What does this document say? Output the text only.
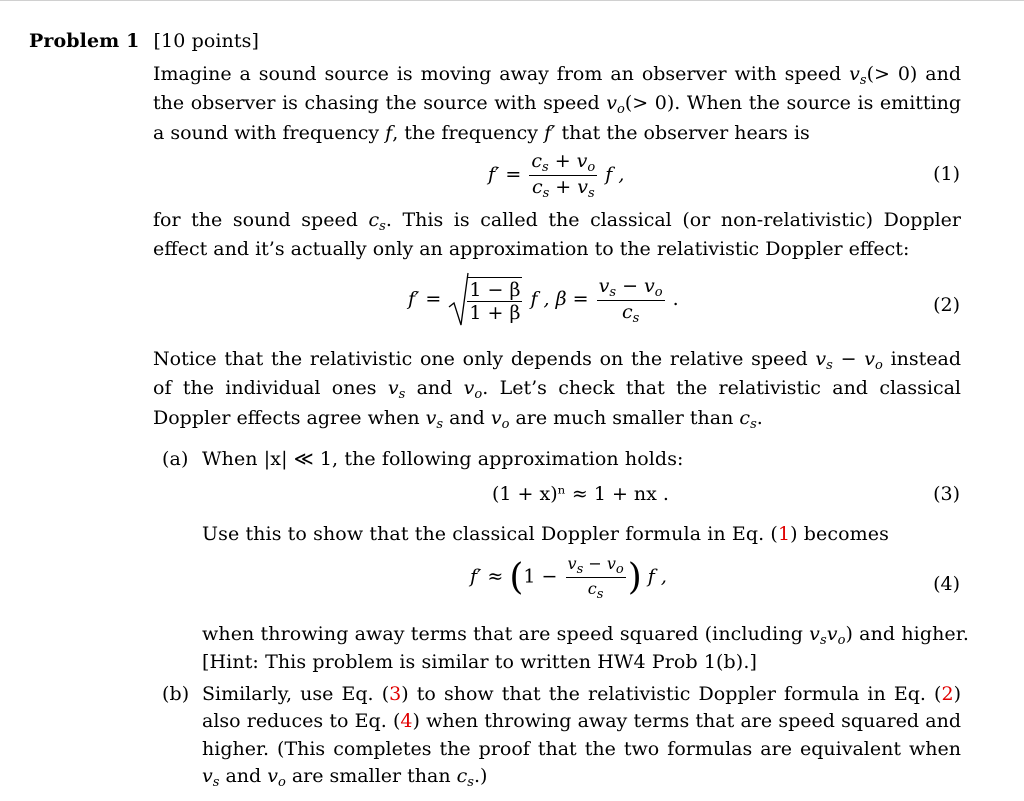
Problem 1 [10 points]
Imagine a sound source is moving away from an observer with speed $v_s(> 0)$ and the observer is chasing the source with speed $v_o(> 0)$. When the source is emitting a sound with frequency f, the frequency f′ that the observer hears is
$f' = \frac{c_s + v_o}{c_s + v_s}$ f ,	(1)
for the sound speed $c_s$. This is called the classical (or non-relativistic) Doppler effect and it’s actually only an approximation to the relativistic Doppler effect:
$f' = \frac{1 - \beta}{1 + \beta}$ f , $\beta = \frac{v_s - v_o}{c_s}$ .	(2)
Notice that the relativistic one only depends on the relative speed $v_s - v_o$ instead of the individual ones $v_s$ and $v_o$. Let’s check that the relativistic and classical Doppler effects agree when $v_s$ and $v_o$ are much smaller than $c_s$.
(a) When |x| ≪ 1, the following approximation holds:
(1 + x)ⁿ ≈ 1 + nx .	(3)
Use this to show that the classical Doppler formula in Eq. (1) becomes
$f' \approx (1 - \frac{v_s - v_o}{c_s}$ ) f ,	(4)
when throwing away terms that are speed squared (including $v_sv_o$) and higher.
[Hint: This problem is similar to written HW4 Prob 1(b).]
(b) Similarly, use Eq. (3) to show that the relativistic Doppler formula in Eq. (2) also reduces to Eq. (4) when throwing away terms that are speed squared and higher. (This completes the proof that the two formulas are equivalent when $v_s$ and $v_o$ are smaller than $c_s$.)
